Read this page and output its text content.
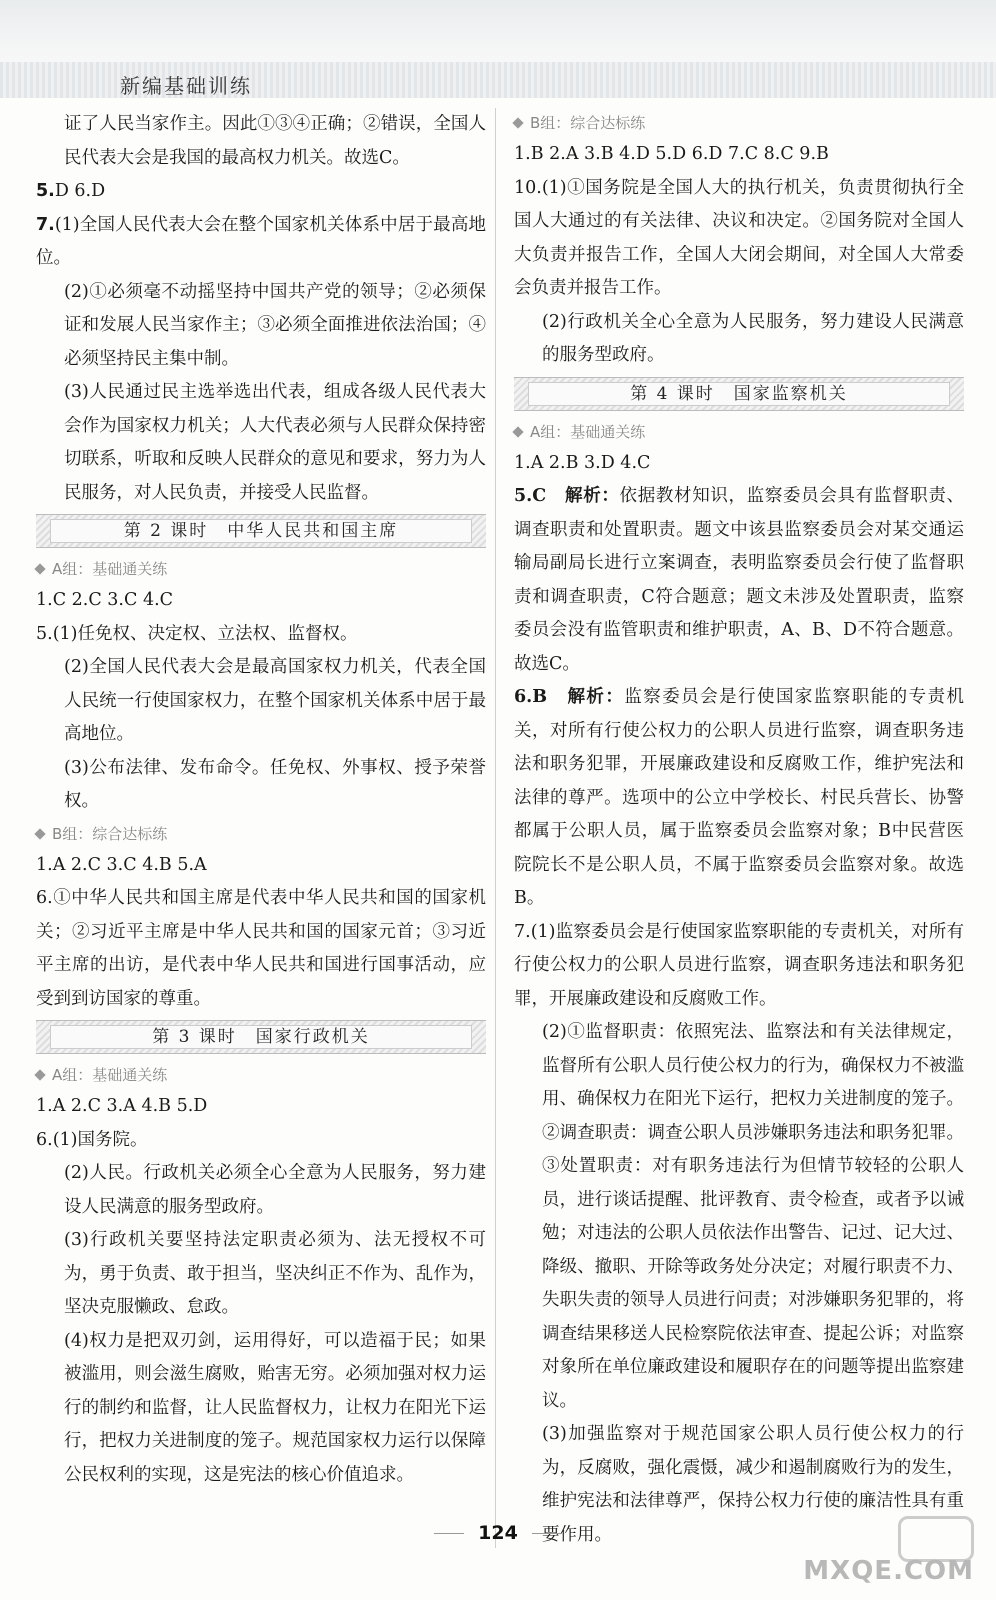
新编基础训练

证了人民当家作主。因此①③④正确；②错误，全国人民代表大会是我国的最高权力机关。故选C。

5.D 6.D

7.(1)全国人民代表大会在整个国家机关体系中居于最高地位。

(2)①必须毫不动摇坚持中国共产党的领导；②必须保证和发展人民当家作主；③必须全面推进依法治国；④必须坚持民主集中制。

(3)人民通过民主选举选出代表，组成各级人民代表大会作为国家权力机关；人大代表必须与人民群众保持密切联系，听取和反映人民群众的意见和要求，努力为人民服务，对人民负责，并接受人民监督。

第 2 课时　中华人民共和国主席
A组：基础通关练

1.C 2.C 3.C 4.C

5.(1)任免权、决定权、立法权、监督权。

(2)全国人民代表大会是最高国家权力机关，代表全国人民统一行使国家权力，在整个国家机关体系中居于最高地位。

(3)公布法律、发布命令。任免权、外事权、授予荣誉权。

B组：综合达标练

1.A 2.C 3.C 4.B 5.A

6.①中华人民共和国主席是代表中华人民共和国的国家机关；②习近平主席是中华人民共和国的国家元首；③习近平主席的出访，是代表中华人民共和国进行国事活动，应受到到访国家的尊重。

第 3 课时　国家行政机关
A组：基础通关练

1.A 2.C 3.A 4.B 5.D

6.(1)国务院。

(2)人民。行政机关必须全心全意为人民服务，努力建设人民满意的服务型政府。

(3)行政机关要坚持法定职责必须为、法无授权不可为，勇于负责、敢于担当，坚决纠正不作为、乱作为，坚决克服懒政、怠政。

(4)权力是把双刃剑，运用得好，可以造福于民；如果被滥用，则会滋生腐败，贻害无穷。必须加强对权力运行的制约和监督，让人民监督权力，让权力在阳光下运行，把权力关进制度的笼子。规范国家权力运行以保障公民权利的实现，这是宪法的核心价值追求。

B组：综合达标练

1.B 2.A 3.B 4.D 5.D 6.D 7.C 8.C 9.B

10.(1)①国务院是全国人大的执行机关，负责贯彻执行全国人大通过的有关法律、决议和决定。②国务院对全国人大负责并报告工作，全国人大闭会期间，对全国人大常委会负责并报告工作。

(2)行政机关全心全意为人民服务，努力建设人民满意的服务型政府。

第 4 课时　国家监察机关
A组：基础通关练

1.A 2.B 3.D 4.C

5.C　解析：依据教材知识，监察委员会具有监督职责、调查职责和处置职责。题文中该县监察委员会对某交通运输局副局长进行立案调查，表明监察委员会行使了监督职责和调查职责，C符合题意；题文未涉及处置职责，监察委员会没有监管职责和维护职责，A、B、D不符合题意。故选C。

6.B　解析：监察委员会是行使国家监察职能的专责机关，对所有行使公权力的公职人员进行监察，调查职务违法和职务犯罪，开展廉政建设和反腐败工作，维护宪法和法律的尊严。选项中的公立中学校长、村民兵营长、协警都属于公职人员，属于监察委员会监察对象；B中民营医院院长不是公职人员，不属于监察委员会监察对象。故选B。

7.(1)监察委员会是行使国家监察职能的专责机关，对所有行使公权力的公职人员进行监察，调查职务违法和职务犯罪，开展廉政建设和反腐败工作。

(2)①监督职责：依照宪法、监察法和有关法律规定，监督所有公职人员行使公权力的行为，确保权力不被滥用、确保权力在阳光下运行，把权力关进制度的笼子。②调查职责：调查公职人员涉嫌职务违法和职务犯罪。③处置职责：对有职务违法行为但情节较轻的公职人员，进行谈话提醒、批评教育、责令检查，或者予以诫勉；对违法的公职人员依法作出警告、记过、记大过、降级、撤职、开除等政务处分决定；对履行职责不力、失职失责的领导人员进行问责；对涉嫌职务犯罪的，将调查结果移送人民检察院依法审查、提起公诉；对监察对象所在单位廉政建设和履职存在的问题等提出监察建议。

(3)加强监察对于规范国家公职人员行使公权力的行为，反腐败，强化震慑，减少和遏制腐败行为的发生，维护宪法和法律尊严，保持公权力行使的廉洁性具有重要作用。

124
MXQE.COM
